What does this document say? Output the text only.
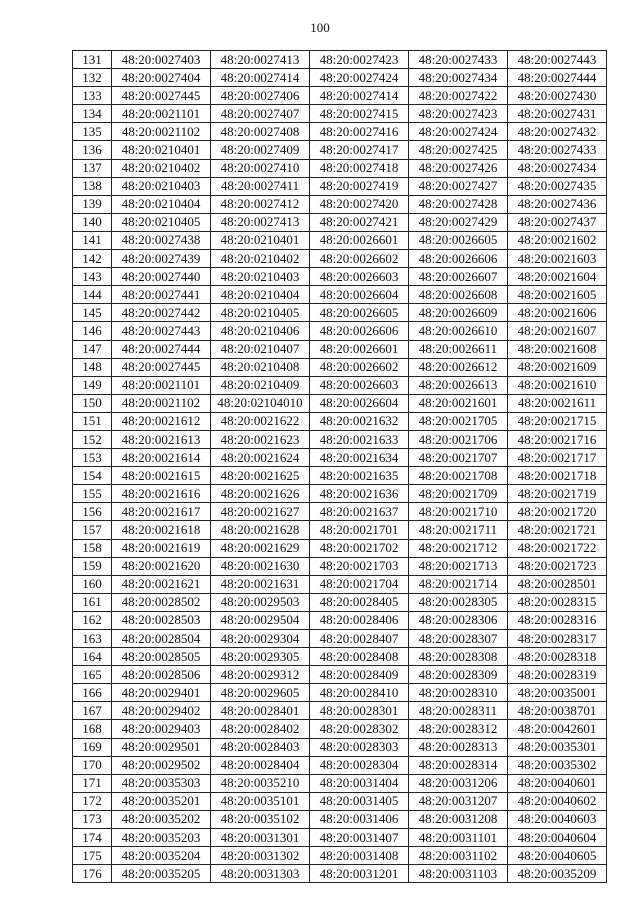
100
131	48:20:0027403	48:20:0027413	48:20:0027423	48:20:0027433	48:20:0027443
132	48:20:0027404	48:20:0027414	48:20:0027424	48:20:0027434	48:20:0027444
133	48:20:0027445	48:20:0027406	48:20:0027414	48:20:0027422	48:20:0027430
134	48:20:0021101	48:20:0027407	48:20:0027415	48:20:0027423	48:20:0027431
135	48:20:0021102	48:20:0027408	48:20:0027416	48:20:0027424	48:20:0027432
136	48:20:0210401	48:20:0027409	48:20:0027417	48:20:0027425	48:20:0027433
137	48:20:0210402	48:20:0027410	48:20:0027418	48:20:0027426	48:20:0027434
138	48:20:0210403	48:20:0027411	48:20:0027419	48:20:0027427	48:20:0027435
139	48:20:0210404	48:20:0027412	48:20:0027420	48:20:0027428	48:20:0027436
140	48:20:0210405	48:20:0027413	48:20:0027421	48:20:0027429	48:20:0027437
141	48:20:0027438	48:20:0210401	48:20:0026601	48:20:0026605	48:20:0021602
142	48:20:0027439	48:20:0210402	48:20:0026602	48:20:0026606	48:20:0021603
143	48:20:0027440	48:20:0210403	48:20:0026603	48:20:0026607	48:20:0021604
144	48:20:0027441	48:20:0210404	48:20:0026604	48:20:0026608	48:20:0021605
145	48:20:0027442	48:20:0210405	48:20:0026605	48:20:0026609	48:20:0021606
146	48:20:0027443	48:20:0210406	48:20:0026606	48:20:0026610	48:20:0021607
147	48:20:0027444	48:20:0210407	48:20:0026601	48:20:0026611	48:20:0021608
148	48:20:0027445	48:20:0210408	48:20:0026602	48:20:0026612	48:20:0021609
149	48:20:0021101	48:20:0210409	48:20:0026603	48:20:0026613	48:20:0021610
150	48:20:0021102	48:20:02104010	48:20:0026604	48:20:0021601	48:20:0021611
151	48:20:0021612	48:20:0021622	48:20:0021632	48:20:0021705	48:20:0021715
152	48:20:0021613	48:20:0021623	48:20:0021633	48:20:0021706	48:20:0021716
153	48:20:0021614	48:20:0021624	48:20:0021634	48:20:0021707	48:20:0021717
154	48:20:0021615	48:20:0021625	48:20:0021635	48:20:0021708	48:20:0021718
155	48:20:0021616	48:20:0021626	48:20:0021636	48:20:0021709	48:20:0021719
156	48:20:0021617	48:20:0021627	48:20:0021637	48:20:0021710	48:20:0021720
157	48:20:0021618	48:20:0021628	48:20:0021701	48:20:0021711	48:20:0021721
158	48:20:0021619	48:20:0021629	48:20:0021702	48:20:0021712	48:20:0021722
159	48:20:0021620	48:20:0021630	48:20:0021703	48:20:0021713	48:20:0021723
160	48:20:0021621	48:20:0021631	48:20:0021704	48:20:0021714	48:20:0028501
161	48:20:0028502	48:20:0029503	48:20:0028405	48:20:0028305	48:20:0028315
162	48:20:0028503	48:20:0029504	48:20:0028406	48:20:0028306	48:20:0028316
163	48:20:0028504	48:20:0029304	48:20:0028407	48:20:0028307	48:20:0028317
164	48:20:0028505	48:20:0029305	48:20:0028408	48:20:0028308	48:20:0028318
165	48:20:0028506	48:20:0029312	48:20:0028409	48:20:0028309	48:20:0028319
166	48:20:0029401	48:20:0029605	48:20:0028410	48:20:0028310	48:20:0035001
167	48:20:0029402	48:20:0028401	48:20:0028301	48:20:0028311	48:20:0038701
168	48:20:0029403	48:20:0028402	48:20:0028302	48:20:0028312	48:20:0042601
169	48:20:0029501	48:20:0028403	48:20:0028303	48:20:0028313	48:20:0035301
170	48:20:0029502	48:20:0028404	48:20:0028304	48:20:0028314	48:20:0035302
171	48:20:0035303	48:20:0035210	48:20:0031404	48:20:0031206	48:20:0040601
172	48:20:0035201	48:20:0035101	48:20:0031405	48:20:0031207	48:20:0040602
173	48:20:0035202	48:20:0035102	48:20:0031406	48:20:0031208	48:20:0040603
174	48:20:0035203	48:20:0031301	48:20:0031407	48:20:0031101	48:20:0040604
175	48:20:0035204	48:20:0031302	48:20:0031408	48:20:0031102	48:20:0040605
176	48:20:0035205	48:20:0031303	48:20:0031201	48:20:0031103	48:20:0035209
